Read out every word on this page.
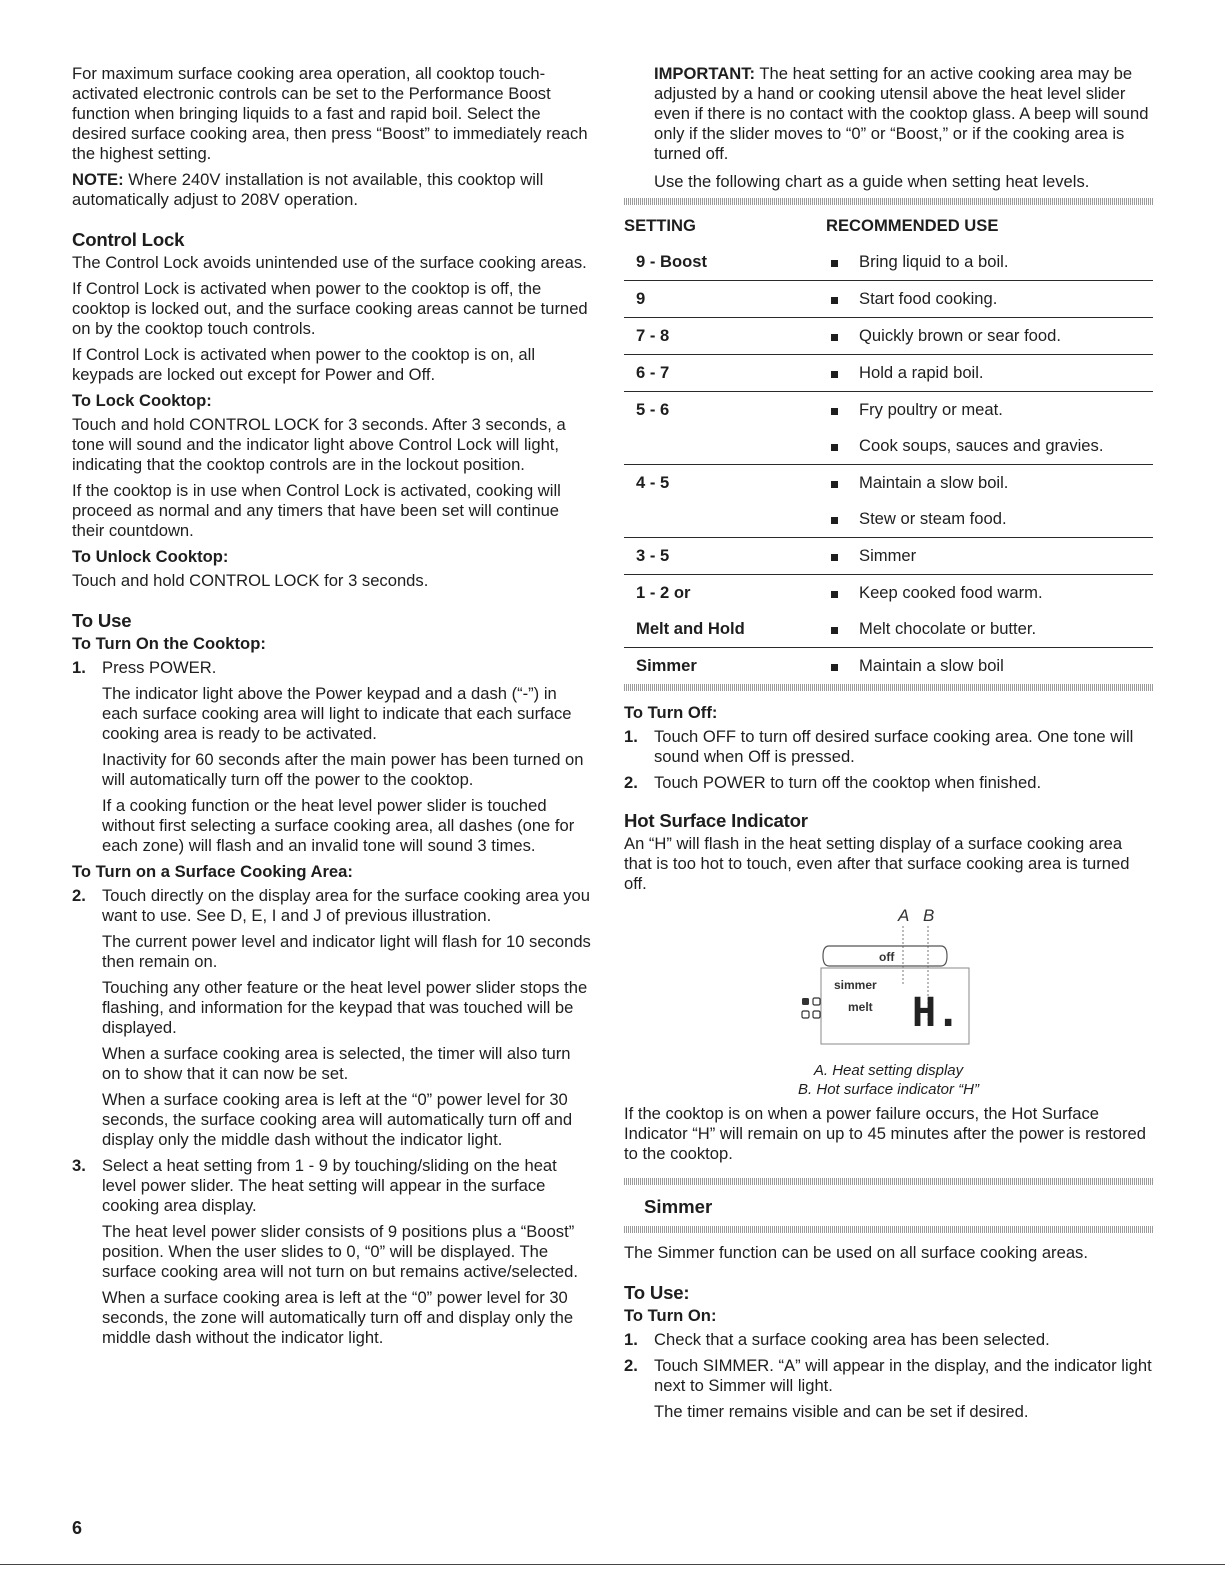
For maximum surface cooking area operation, all cooktop touch-activated electronic controls can be set to the Performance Boost function when bringing liquids to a fast and rapid boil. Select the desired surface cooking area, then press “Boost” to immediately reach the highest setting.

NOTE: Where 240V installation is not available, this cooktop will automatically adjust to 208V operation.

Control Lock

The Control Lock avoids unintended use of the surface cooking areas.

If Control Lock is activated when power to the cooktop is off, the cooktop is locked out, and the surface cooking areas cannot be turned on by the cooktop touch controls.

If Control Lock is activated when power to the cooktop is on, all keypads are locked out except for Power and Off.

To Lock Cooktop:

Touch and hold CONTROL LOCK for 3 seconds. After 3 seconds, a tone will sound and the indicator light above Control Lock will light, indicating that the cooktop controls are in the lockout position.

If the cooktop is in use when Control Lock is activated, cooking will proceed as normal and any timers that have been set will continue their countdown.

To Unlock Cooktop:

Touch and hold CONTROL LOCK for 3 seconds.

To Use
To Turn On the Cooktop:
1. Press POWER.

The indicator light above the Power keypad and a dash (“-”) in each surface cooking area will light to indicate that each surface cooking area is ready to be activated.

Inactivity for 60 seconds after the main power has been turned on will automatically turn off the power to the cooktop.

If a cooking function or the heat level power slider is touched without first selecting a surface cooking area, all dashes (one for each zone) will flash and an invalid tone will sound 3 times.

To Turn on a Surface Cooking Area:
2. Touch directly on the display area for the surface cooking area you want to use. See D, E, I and J of previous illustration.

The current power level and indicator light will flash for 10 seconds then remain on.

Touching any other feature or the heat level power slider stops the flashing, and information for the keypad that was touched will be displayed.

When a surface cooking area is selected, the timer will also turn on to show that it can now be set.

When a surface cooking area is left at the “0” power level for 30 seconds, the surface cooking area will automatically turn off and display only the middle dash without the indicator light.

3. Select a heat setting from 1 - 9 by touching/sliding on the heat level power slider. The heat setting will appear in the surface cooking area display.

The heat level power slider consists of 9 positions plus a “Boost” position. When the user slides to 0, “0” will be displayed. The surface cooking area will not turn on but remains active/selected.

When a surface cooking area is left at the “0” power level for 30 seconds, the zone will automatically turn off and display only the middle dash without the indicator light.

IMPORTANT: The heat setting for an active cooking area may be adjusted by a hand or cooking utensil above the heat level slider even if there is no contact with the cooktop glass. A beep will sound only if the slider moves to “0” or “Boost,” or if the cooking area is turned off.

Use the following chart as a guide when setting heat levels.

SETTING	RECOMMENDED USE	
9 - Boost		Bring liquid to a boil.
9		Start food cooking.
7 - 8		Quickly brown or sear food.
6 - 7		Hold a rapid boil.
5 - 6		Fry poultry or meat.
		Cook soups, sauces and gravies.
4 - 5		Maintain a slow boil.
		Stew or steam food.
3 - 5		Simmer
1 - 2 or		Keep cooked food warm.
Melt and Hold		Melt chocolate or butter.
Simmer		Maintain a slow boil
To Turn Off:
1. Touch OFF to turn off desired surface cooking area. One tone will sound when Off is pressed.

2. Touch POWER to turn off the cooktop when finished.

Hot Surface Indicator

An “H” will flash in the heat setting display of a surface cooking area that is too hot to touch, even after that surface cooking area is turned off.

A B
off
simmer
melt H.
A. Heat setting display
B. Hot surface indicator “H”

If the cooktop is on when a power failure occurs, the Hot Surface Indicator “H” will remain on up to 45 minutes after the power is restored to the cooktop.

Simmer

The Simmer function can be used on all surface cooking areas.

To Use:
To Turn On:
1. Check that a surface cooking area has been selected.

2. Touch SIMMER. “A” will appear in the display, and the indicator light next to Simmer will light.

The timer remains visible and can be set if desired.

6
